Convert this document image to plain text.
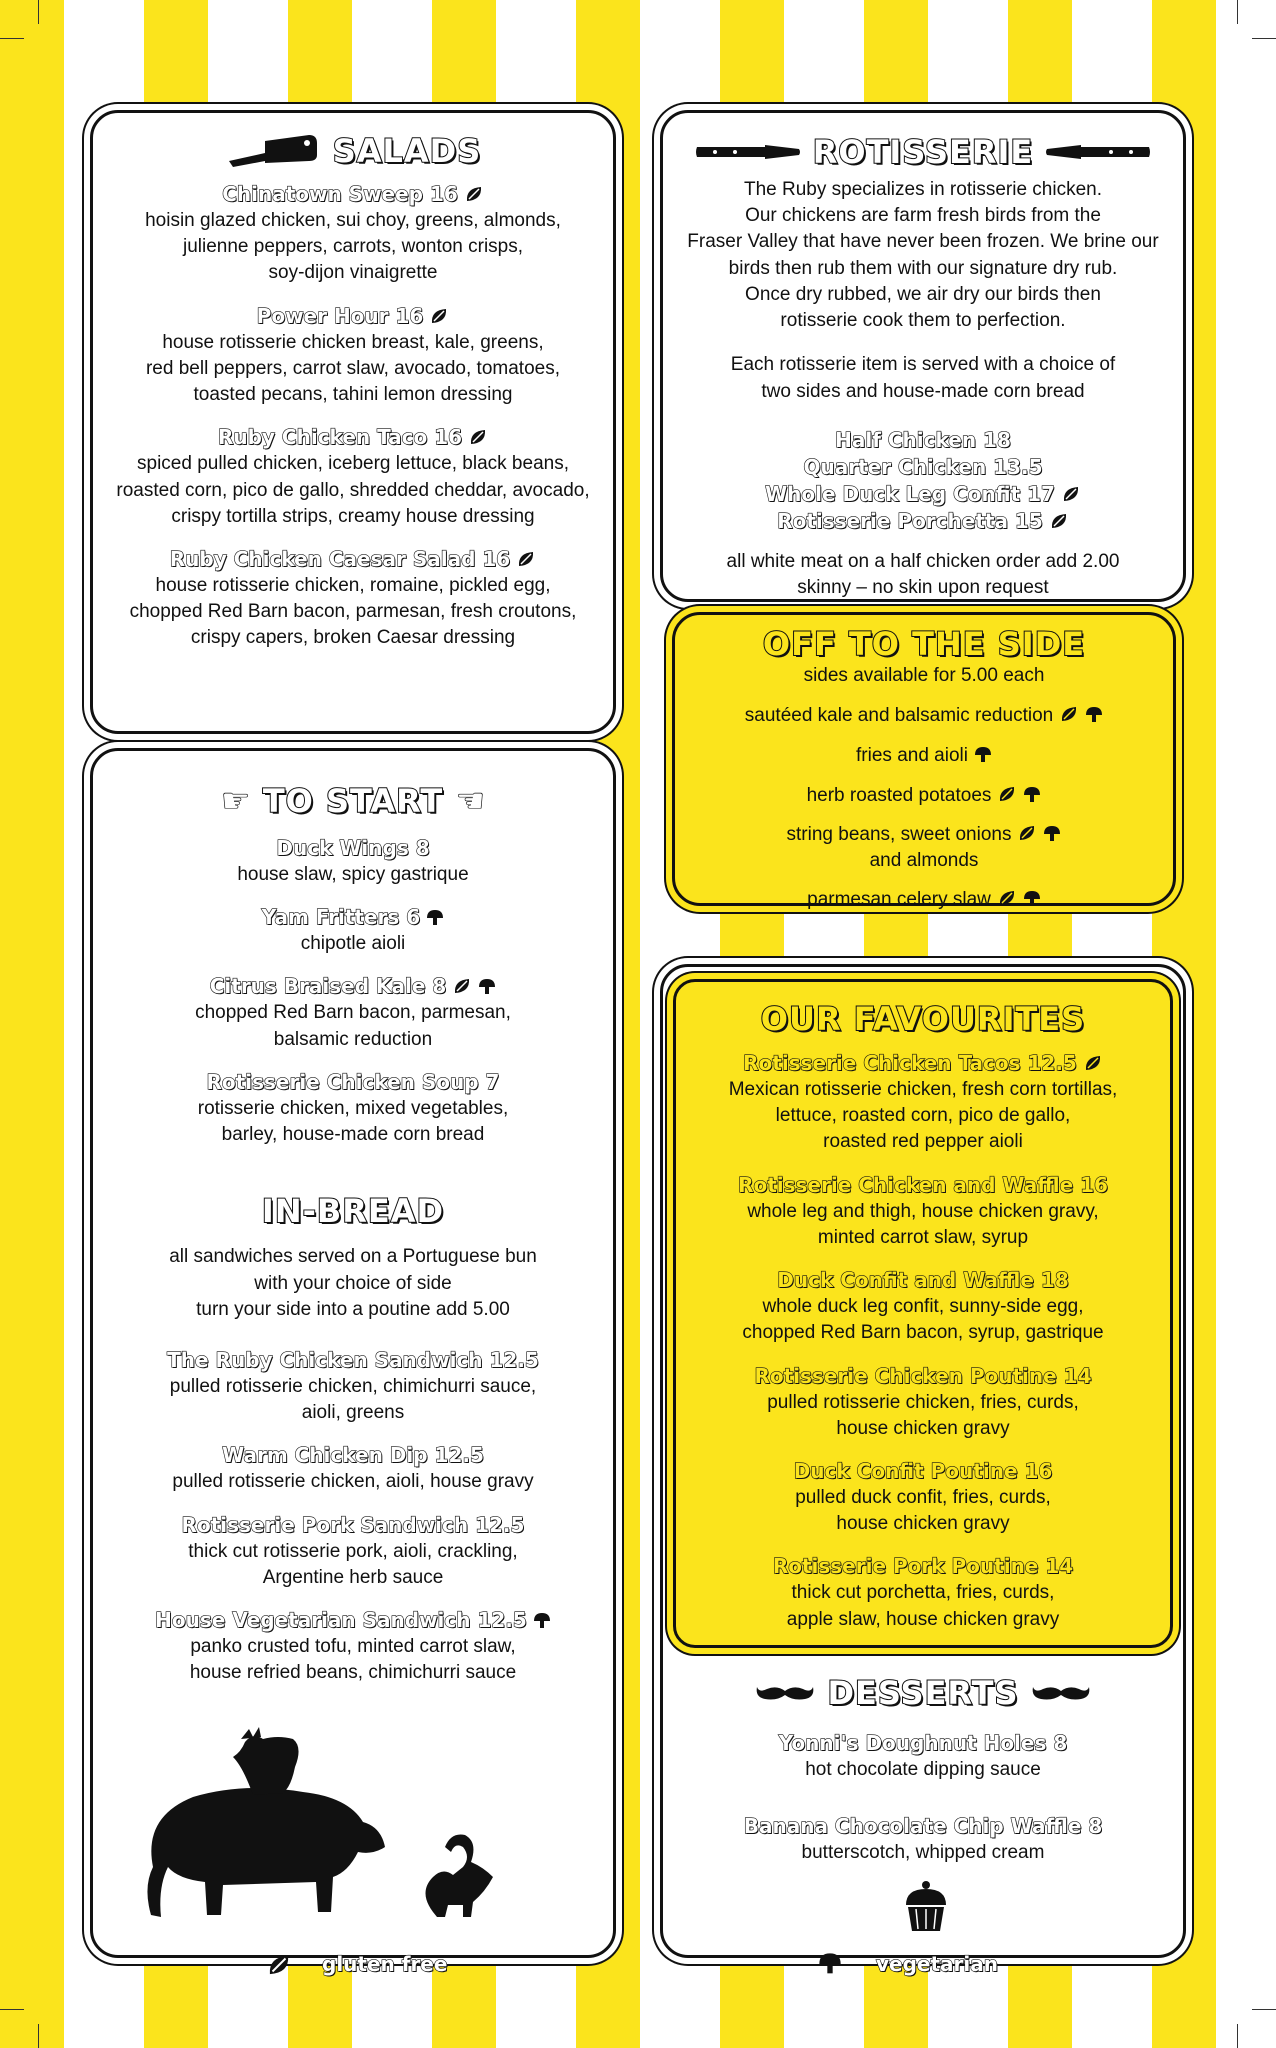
SALADS
Chinatown Sweep 16
hoisin glazed chicken, sui choy, greens, almonds,
julienne peppers, carrots, wonton crisps,
soy-dijon vinaigrette
Power Hour 16
house rotisserie chicken breast, kale, greens,
red bell peppers, carrot slaw, avocado, tomatoes,
toasted pecans, tahini lemon dressing
Ruby Chicken Taco 16
spiced pulled chicken, iceberg lettuce, black beans,
roasted corn, pico de gallo, shredded cheddar, avocado,
crispy tortilla strips, creamy house dressing
Ruby Chicken Caesar Salad 16
house rotisserie chicken, romaine, pickled egg,
chopped Red Barn bacon, parmesan, fresh croutons,
crispy capers, broken Caesar dressing
☞ TO START ☜
Duck Wings 8
house slaw, spicy gastrique
Yam Fritters 6
chipotle aioli
Citrus Braised Kale 8
chopped Red Barn bacon, parmesan,
balsamic reduction
Rotisserie Chicken Soup 7
rotisserie chicken, mixed vegetables,
barley, house-made corn bread
IN-BREAD
all sandwiches served on a Portuguese bun
with your choice of side
turn your side into a poutine add 5.00
The Ruby Chicken Sandwich 12.5
pulled rotisserie chicken, chimichurri sauce,
aioli, greens
Warm Chicken Dip 12.5
pulled rotisserie chicken, aioli, house gravy
Rotisserie Pork Sandwich 12.5
thick cut rotisserie pork, aioli, crackling,
Argentine herb sauce
House Vegetarian Sandwich 12.5
panko crusted tofu, minted carrot slaw,
house refried beans, chimichurri sauce
ROTISSERIE
The Ruby specializes in rotisserie chicken.
Our chickens are farm fresh birds from the
Fraser Valley that have never been frozen. We brine our
birds then rub them with our signature dry rub.
Once dry rubbed, we air dry our birds then
rotisserie cook them to perfection.
Each rotisserie item is served with a choice of
two sides and house-made corn bread
Half Chicken 18
Quarter Chicken 13.5
Whole Duck Leg Confit 17
Rotisserie Porchetta 15
all white meat on a half chicken order add 2.00
skinny – no skin upon request
OFF TO THE SIDE
sides available for 5.00 each
sautéed kale and balsamic reduction
fries and aioli
herb roasted potatoes
string beans, sweet onions
and almonds
parmesan celery slaw
OUR FAVOURITES
Rotisserie Chicken Tacos 12.5
Mexican rotisserie chicken, fresh corn tortillas,
lettuce, roasted corn, pico de gallo,
roasted red pepper aioli
Rotisserie Chicken and Waffle 16
whole leg and thigh, house chicken gravy,
minted carrot slaw, syrup
Duck Confit and Waffle 18
whole duck leg confit, sunny-side egg,
chopped Red Barn bacon, syrup, gastrique
Rotisserie Chicken Poutine 14
pulled rotisserie chicken, fries, curds,
house chicken gravy
Duck Confit Poutine 16
pulled duck confit, fries, curds,
house chicken gravy
Rotisserie Pork Poutine 14
thick cut porchetta, fries, curds,
apple slaw, house chicken gravy
DESSERTS
Yonni's Doughnut Holes 8
hot chocolate dipping sauce
Banana Chocolate Chip Waffle 8
butterscotch, whipped cream
gluten free	vegetarian
